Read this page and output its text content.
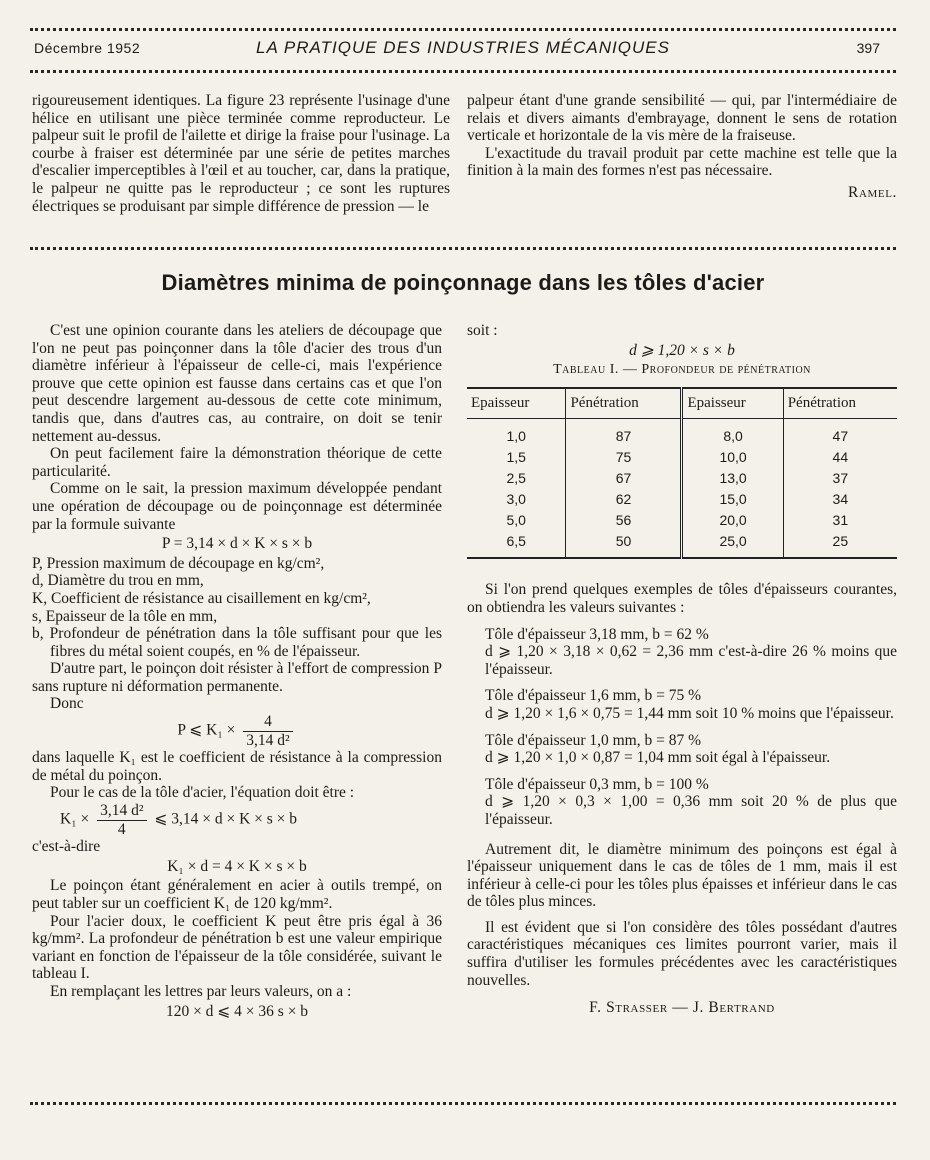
Décembre 1952	LA PRATIQUE DES INDUSTRIES MÉCANIQUES	397

rigoureusement identiques. La figure 23 représente l'usinage d'une hélice en utilisant une pièce terminée comme reproducteur. Le palpeur suit le profil de l'ailette et dirige la fraise pour l'usinage. La courbe à fraiser est déterminée par une série de petites marches d'escalier imperceptibles à l'œil et au toucher, car, dans la pratique, le palpeur ne quitte pas le reproducteur ; ce sont les ruptures électriques se produisant par simple différence de pression — le

palpeur étant d'une grande sensibilité — qui, par l'intermédiaire de relais et divers aimants d'embrayage, donnent le sens de rotation verticale et horizontale de la vis mère de la fraiseuse.

L'exactitude du travail produit par cette machine est telle que la finition à la main des formes n'est pas nécessaire.

Ramel.

Diamètres minima de poinçonnage dans les tôles d'acier

C'est une opinion courante dans les ateliers de découpage que l'on ne peut pas poinçonner dans la tôle d'acier des trous d'un diamètre inférieur à l'épaisseur de celle-ci, mais l'expérience prouve que cette opinion est fausse dans certains cas et que l'on peut descendre largement au-dessous de cette cote minimum, tandis que, dans d'autres cas, au contraire, on doit se tenir nettement au-dessus.

On peut facilement faire la démonstration théorique de cette particularité.

Comme on le sait, la pression maximum développée pendant une opération de découpage ou de poinçonnage est déterminée par la formule suivante

P = 3,14 × d × K × s × b

P, Pression maximum de découpage en kg/cm²,

d, Diamètre du trou en mm,

K, Coefficient de résistance au cisaillement en kg/cm²,

s, Epaisseur de la tôle en mm,

b, Profondeur de pénétration dans la tôle suffisant pour que les fibres du métal soient coupés, en % de l'épaisseur.

D'autre part, le poinçon doit résister à l'effort de compression P sans rupture ni déformation permanente.

Donc

P ⩽ $K_1 \times \frac{4}{\text{3,14 d²}}$

dans laquelle K₁ est le coefficient de résistance à la compression de métal du poinçon.

Pour le cas de la tôle d'acier, l'équation doit être :

$K_1 \times \frac{\text{3,14 d²}}{4}$ ⩽ 3,14 × d × K × s × b

c'est-à-dire

K₁ × d = 4 × K × s × b

Le poinçon étant généralement en acier à outils trempé, on peut tabler sur un coefficient K₁ de 120 kg/mm².

Pour l'acier doux, le coefficient K peut être pris égal à 36 kg/mm². La profondeur de pénétration b est une valeur empirique variant en fonction de l'épaisseur de la tôle considérée, suivant le tableau I.

En remplaçant les lettres par leurs valeurs, on a :

120 × d ⩽ 4 × 36 s × b

soit :

d ⩾ 1,20 × s × b

Tableau I. — Profondeur de pénétration

Epaisseur	Pénétration	Epaisseur	Pénétration
1,0	87	8,0	47
1,5	75	10,0	44
2,5	67	13,0	37
3,0	62	15,0	34
5,0	56	20,0	31
6,5	50	25,0	25

Si l'on prend quelques exemples de tôles d'épaisseurs courantes, on obtiendra les valeurs suivantes :

Tôle d'épaisseur 3,18 mm, b = 62 %

d ⩾ 1,20 × 3,18 × 0,62 = 2,36 mm c'est-à-dire 26 % moins que l'épaisseur.

Tôle d'épaisseur 1,6 mm, b = 75 %

d ⩾ 1,20 × 1,6 × 0,75 = 1,44 mm soit 10 % moins que l'épaisseur.

Tôle d'épaisseur 1,0 mm, b = 87 %

d ⩾ 1,20 × 1,0 × 0,87 = 1,04 mm soit égal à l'épaisseur.

Tôle d'épaisseur 0,3 mm, b = 100 %

d ⩾ 1,20 × 0,3 × 1,00 = 0,36 mm soit 20 % de plus que l'épaisseur.

Autrement dit, le diamètre minimum des poinçons est égal à l'épaisseur uniquement dans le cas de tôles de 1 mm, mais il est inférieur à celle-ci pour les tôles plus épaisses et inférieur dans le cas de tôles plus minces.

Il est évident que si l'on considère des tôles possédant d'autres caractéristiques mécaniques ces limites pourront varier, mais il suffira d'utiliser les formules précédentes avec les caractéristiques nouvelles.

F. Strasser — J. Bertrand
